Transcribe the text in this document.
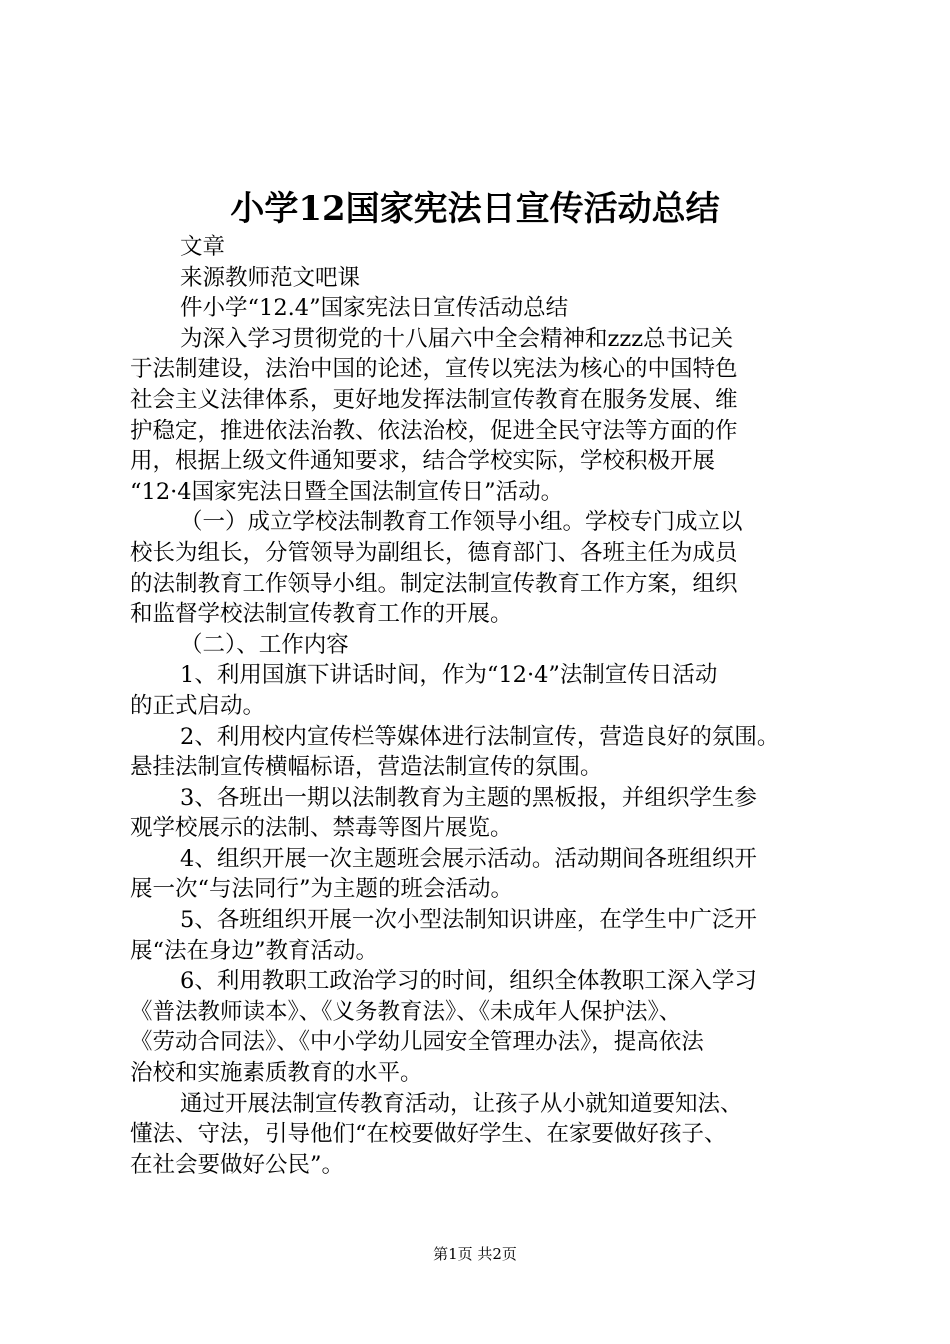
小学12国家宪法日宣传活动总结
文章
来源教师范文吧课
件小学“12.4”国家宪法日宣传活动总结
为深入学习贯彻党的十八届六中全会精神和zzz总书记关
于法制建设，法治中国的论述，宣传以宪法为核心的中国特色
社会主义法律体系，更好地发挥法制宣传教育在服务发展、维
护稳定，推进依法治教、依法治校，促进全民守法等方面的作
用，根据上级文件通知要求，结合学校实际，学校积极开展
“12·4国家宪法日暨全国法制宣传日”活动。
（一）成立学校法制教育工作领导小组。学校专门成立以
校长为组长，分管领导为副组长，德育部门、各班主任为成员
的法制教育工作领导小组。制定法制宣传教育工作方案，组织
和监督学校法制宣传教育工作的开展。
（二）、工作内容
1、利用国旗下讲话时间，作为“12·4”法制宣传日活动
的正式启动。
2、利用校内宣传栏等媒体进行法制宣传，营造良好的氛围。
悬挂法制宣传横幅标语，营造法制宣传的氛围。
3、各班出一期以法制教育为主题的黑板报，并组织学生参
观学校展示的法制、禁毒等图片展览。
4、组织开展一次主题班会展示活动。活动期间各班组织开
展一次“与法同行”为主题的班会活动。
5、各班组织开展一次小型法制知识讲座，在学生中广泛开
展“法在身边”教育活动。
6、利用教职工政治学习的时间，组织全体教职工深入学习
《普法教师读本》、《义务教育法》、《未成年人保护法》、
《劳动合同法》、《中小学幼儿园安全管理办法》，提高依法
治校和实施素质教育的水平。
通过开展法制宣传教育活动，让孩子从小就知道要知法、
懂法、守法，引导他们“在校要做好学生、在家要做好孩子、
在社会要做好公民”。
第1页 共2页
